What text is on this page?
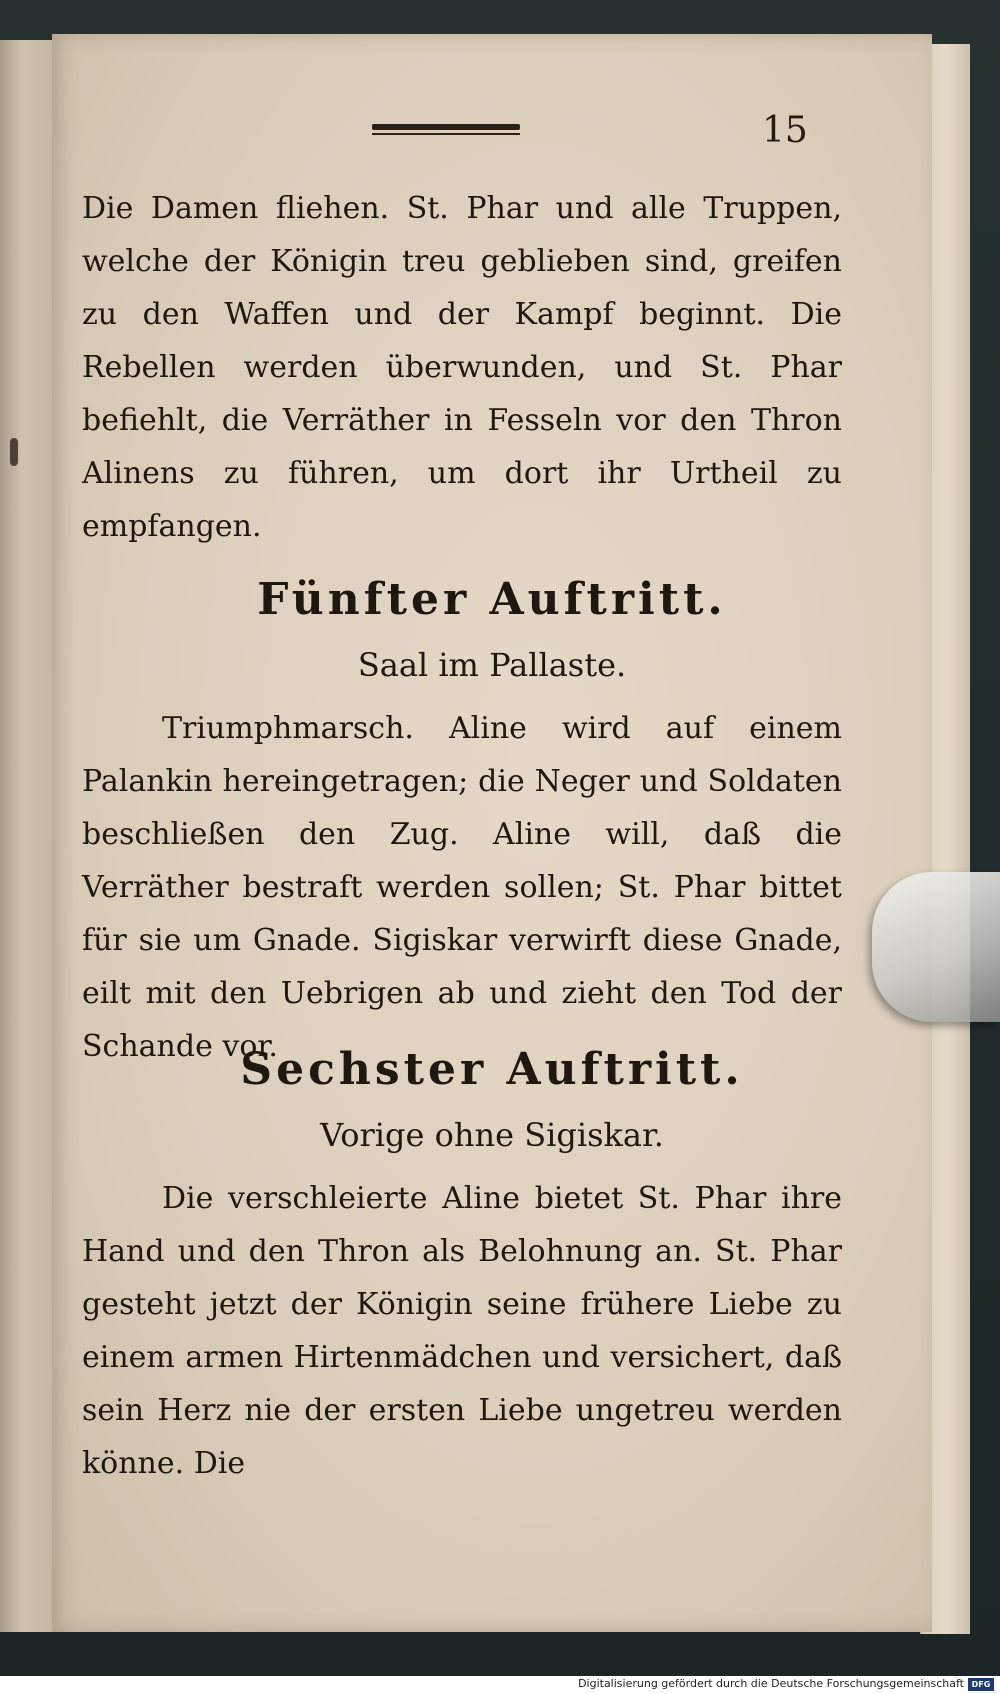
15
Die Damen fliehen. St. Phar und alle Truppen, welche der Königin treu geblieben sind, greifen zu den Waffen und der Kampf beginnt. Die Rebellen werden überwunden, und St. Phar befiehlt, die Verräther in Fesseln vor den Thron Alinens zu führen, um dort ihr Urtheil zu empfangen.
Fünfter Auftritt.
Saal im Pallaste.
Triumphmarsch. Aline wird auf einem Palankin hereingetragen; die Neger und Soldaten beschließen den Zug. Aline will, daß die Verräther bestraft werden sollen; St. Phar bittet für sie um Gnade. Sigiskar verwirft diese Gnade, eilt mit den Uebrigen ab und zieht den Tod der Schande vor.
Sechster Auftritt.
Vorige ohne Sigiskar.
Die verschleierte Aline bietet St. Phar ihre Hand und den Thron als Belohnung an. St. Phar gesteht jetzt der Königin seine frühere Liebe zu einem armen Hirtenmädchen und versichert, daß sein Herz nie der ersten Liebe ungetreu werden könne. Die
Digitalisierung gefördert durch die Deutsche Forschungsgemeinschaft DFG
